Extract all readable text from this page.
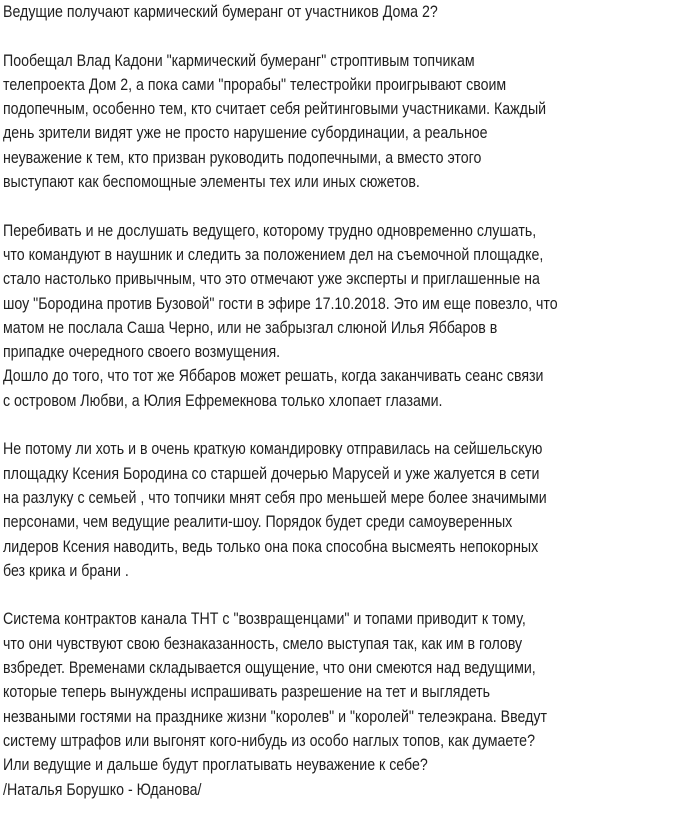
Ведущие получают кармический бумеранг от участников Дома 2?
Пообещал Влад Кадони "кармический бумеранг" строптивым топчикам
телепроекта Дом 2, а пока сами "прорабы" телестройки проигрывают своим
подопечным, особенно тем, кто считает себя рейтинговыми участниками. Каждый
день зрители видят уже не просто нарушение субординации, а реальное
неуважение к тем, кто призван руководить подопечными, а вместо этого
выступают как беспомощные элементы тех или иных сюжетов.
Перебивать и не дослушать ведущего, которому трудно одновременно слушать,
что командуют в наушник и следить за положением дел на съемочной площадке,
стало настолько привычным, что это отмечают уже эксперты и приглашенные на
шоу "Бородина против Бузовой" гости в эфире 17.10.2018. Это им еще повезло, что
матом не послала Саша Черно, или не забрызгал слюной Илья Яббаров в
припадке очередного своего возмущения.
Дошло до того, что тот же Яббаров может решать, когда заканчивать сеанс связи
с островом Любви, а Юлия Ефремекнова только хлопает глазами.
Не потому ли хоть и в очень краткую командировку отправилась на сейшельскую
площадку Ксения Бородина со старшей дочерью Марусей и уже жалуется в сети
на разлуку с семьей , что топчики мнят себя про меньшей мере более значимыми
персонами, чем ведущие реалити-шоу. Порядок будет среди самоуверенных
лидеров Ксения наводить, ведь только она пока способна высмеять непокорных
без крика и брани .
Система контрактов канала ТНТ с "возвращенцами" и топами приводит к тому,
что они чувствуют свою безнаказанность, смело выступая так, как им в голову
взбредет. Временами складывается ощущение, что они смеются над ведущими,
которые теперь вынуждены испрашивать разрешение на тет и выглядеть
незваными гостями на празднике жизни "королев" и "королей" телеэкрана. Введут
систему штрафов или выгонят кого-нибудь из особо наглых топов, как думаете?
Или ведущие и дальше будут проглатывать неуважение к себе?
/Наталья Борушко - Юданова/
